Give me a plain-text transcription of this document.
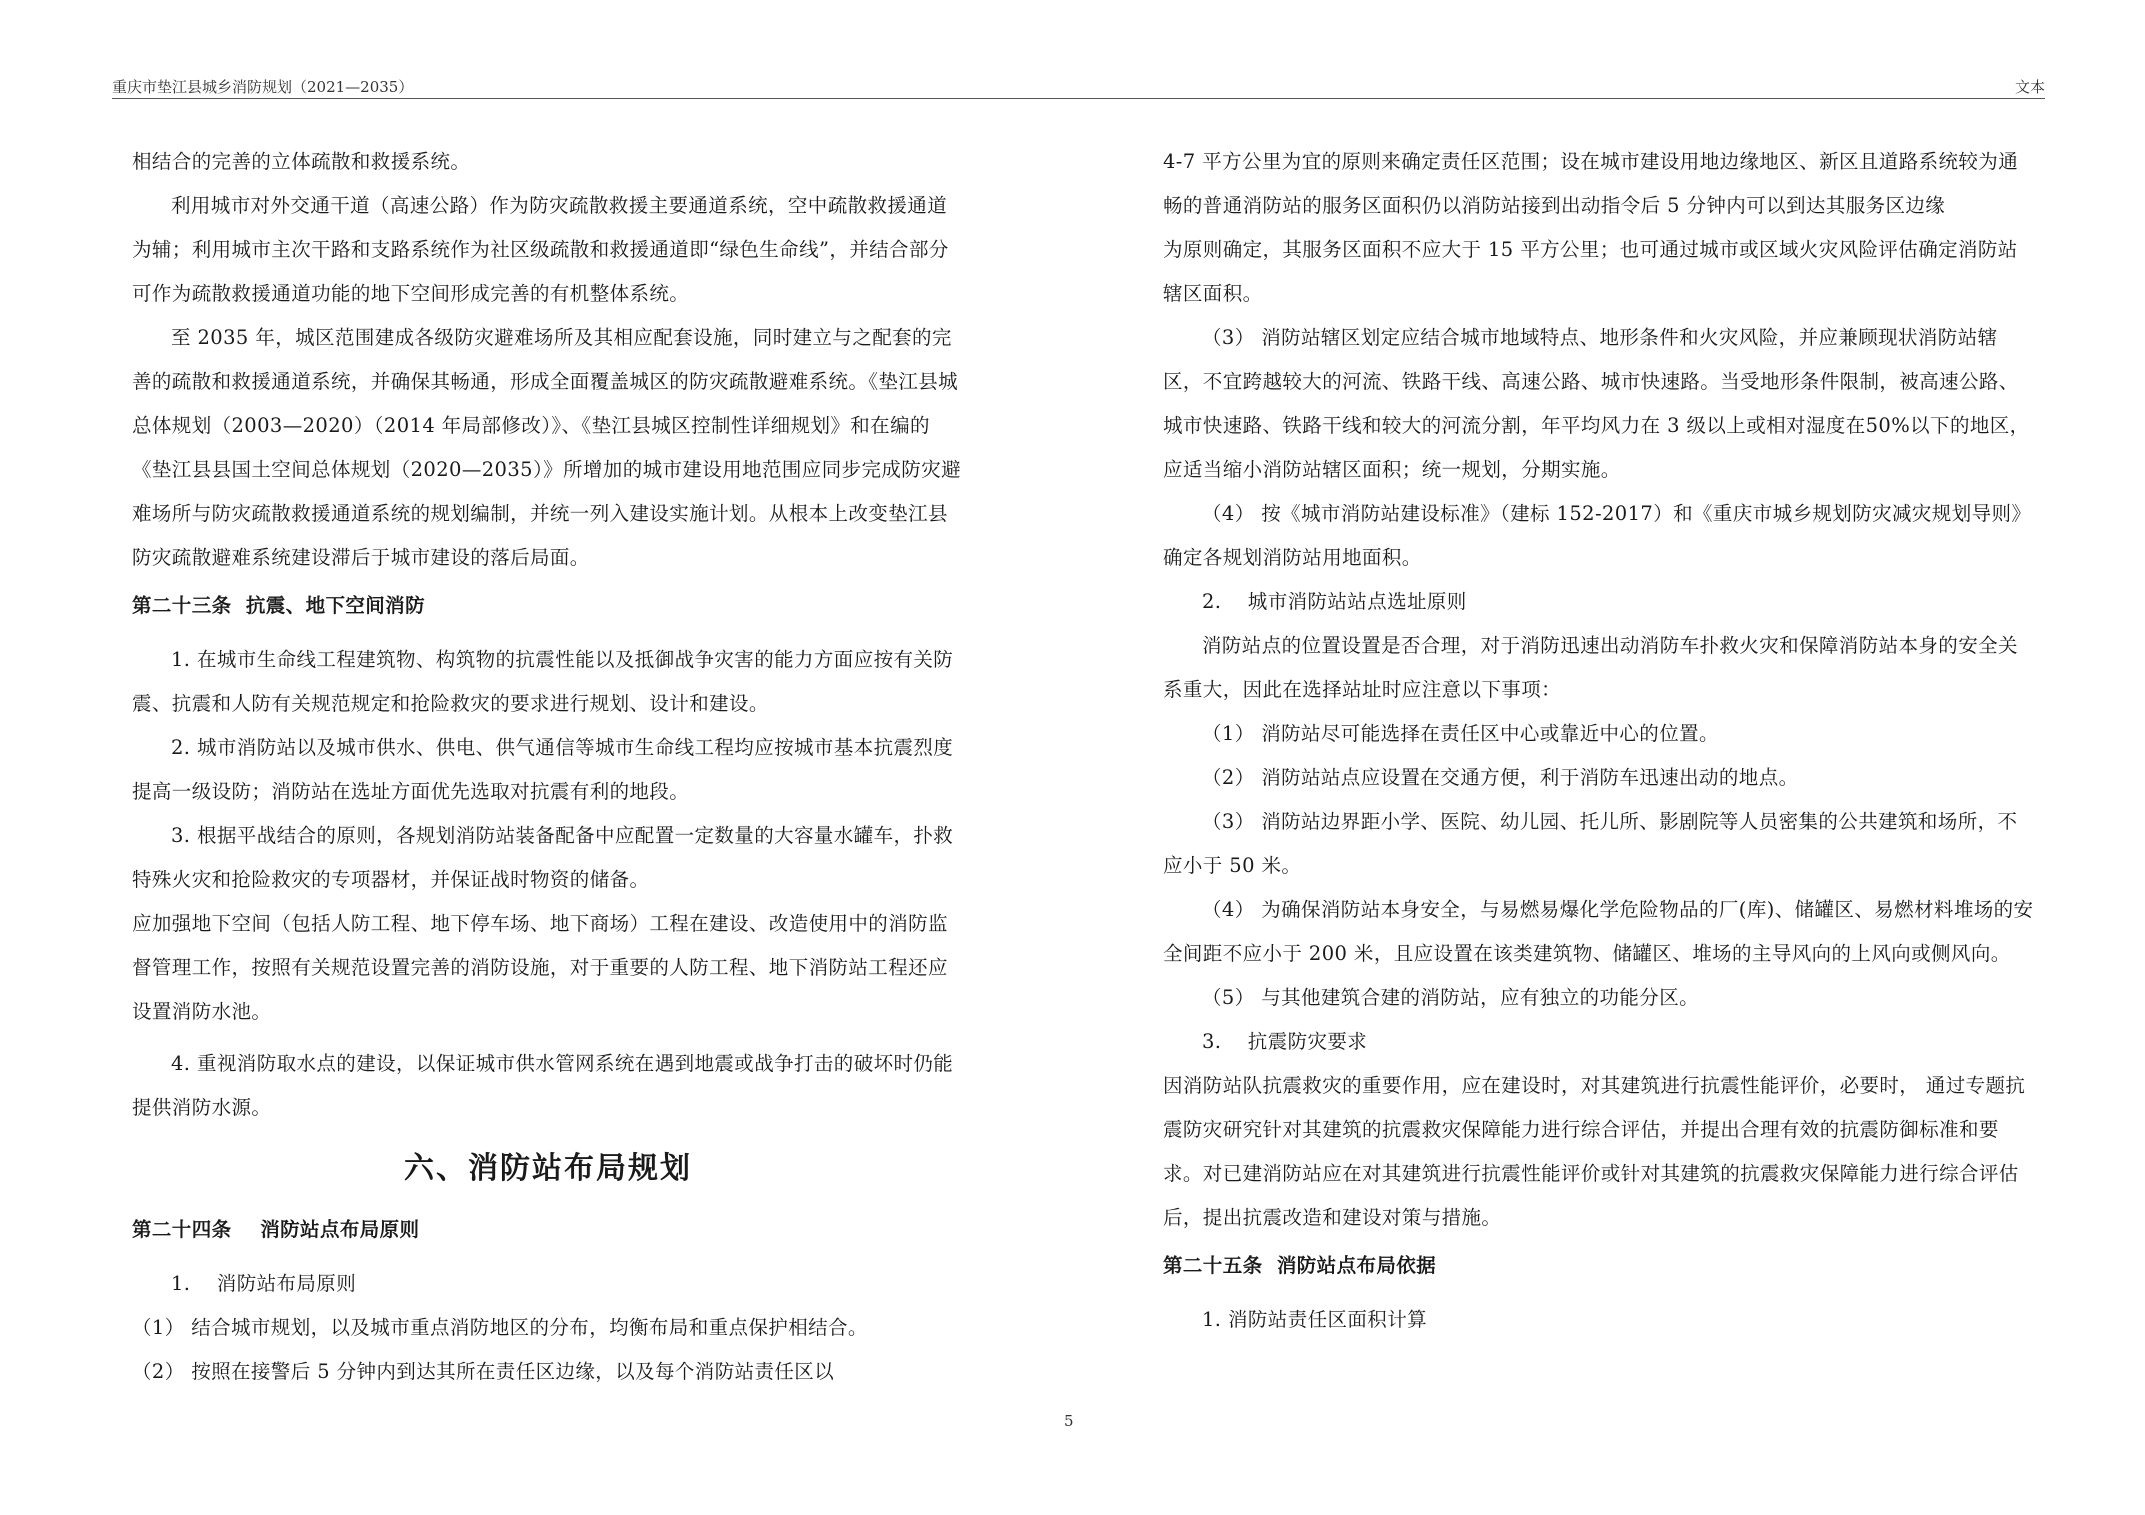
重庆市垫江县城乡消防规划（2021—2035）	文本

相结合的完善的立体疏散和救援系统。

利用城市对外交通干道（高速公路）作为防灾疏散救援主要通道系统，空中疏散救援通道为辅；利用城市主次干路和支路系统作为社区级疏散和救援通道即“绿色生命线”，并结合部分可作为疏散救援通道功能的地下空间形成完善的有机整体系统。

至 2035 年，城区范围建成各级防灾避难场所及其相应配套设施，同时建立与之配套的完善的疏散和救援通道系统，并确保其畅通，形成全面覆盖城区的防灾疏散避难系统。《垫江县城总体规划（2003—2020）（2014 年局部修改）》、《垫江县城区控制性详细规划》和在编的《垫江县县国土空间总体规划（2020—2035）》所增加的城市建设用地范围应同步完成防灾避难场所与防灾疏散救援通道系统的规划编制，并统一列入建设实施计划。从根本上改变垫江县防灾疏散避难系统建设滞后于城市建设的落后局面。

第二十三条  抗震、地下空间消防

1. 在城市生命线工程建筑物、构筑物的抗震性能以及抵御战争灾害的能力方面应按有关防震、抗震和人防有关规范规定和抢险救灾的要求进行规划、设计和建设。

2. 城市消防站以及城市供水、供电、供气通信等城市生命线工程均应按城市基本抗震烈度提高一级设防；消防站在选址方面优先选取对抗震有利的地段。

3. 根据平战结合的原则，各规划消防站装备配备中应配置一定数量的大容量水罐车，扑救特殊火灾和抢险救灾的专项器材，并保证战时物资的储备。

应加强地下空间（包括人防工程、地下停车场、地下商场）工程在建设、改造使用中的消防监督管理工作，按照有关规范设置完善的消防设施，对于重要的人防工程、地下消防站工程还应设置消防水池。

4. 重视消防取水点的建设，以保证城市供水管网系统在遇到地震或战争打击的破坏时仍能提供消防水源。

六、消防站布局规划

第二十四条    消防站点布局原则

1.    消防站布局原则

（1） 结合城市规划，以及城市重点消防地区的分布，均衡布局和重点保护相结合。

（2） 按照在接警后 5 分钟内到达其所在责任区边缘，以及每个消防站责任区以

4-7 平方公里为宜的原则来确定责任区范围；设在城市建设用地边缘地区、新区且道路系统较为通畅的普通消防站的服务区面积仍以消防站接到出动指令后 5 分钟内可以到达其服务区边缘

为原则确定，其服务区面积不应大于 15 平方公里；也可通过城市或区域火灾风险评估确定消防站辖区面积。

（3） 消防站辖区划定应结合城市地域特点、地形条件和火灾风险，并应兼顾现状消防站辖区，不宜跨越较大的河流、铁路干线、高速公路、城市快速路。当受地形条件限制，被高速公路、城市快速路、铁路干线和较大的河流分割，年平均风力在 3 级以上或相对湿度在50%以下的地区，应适当缩小消防站辖区面积；统一规划，分期实施。

（4） 按《城市消防站建设标准》（建标 152-2017）和《重庆市城乡规划防灾减灾规划导则》确定各规划消防站用地面积。

2.    城市消防站站点选址原则

消防站点的位置设置是否合理，对于消防迅速出动消防车扑救火灾和保障消防站本身的安全关系重大，因此在选择站址时应注意以下事项：

（1） 消防站尽可能选择在责任区中心或靠近中心的位置。

（2） 消防站站点应设置在交通方便，利于消防车迅速出动的地点。

（3） 消防站边界距小学、医院、幼儿园、托儿所、影剧院等人员密集的公共建筑和场所，不应小于 50 米。

（4） 为确保消防站本身安全，与易燃易爆化学危险物品的厂(库)、储罐区、易燃材料堆场的安全间距不应小于 200 米，且应设置在该类建筑物、储罐区、堆场的主导风向的上风向或侧风向。

（5） 与其他建筑合建的消防站，应有独立的功能分区。

3.    抗震防灾要求

因消防站队抗震救灾的重要作用，应在建设时，对其建筑进行抗震性能评价，必要时， 通过专题抗震防灾研究针对其建筑的抗震救灾保障能力进行综合评估，并提出合理有效的抗震防御标准和要求。对已建消防站应在对其建筑进行抗震性能评价或针对其建筑的抗震救灾保障能力进行综合评估后，提出抗震改造和建设对策与措施。

第二十五条  消防站点布局依据

1. 消防站责任区面积计算

5
